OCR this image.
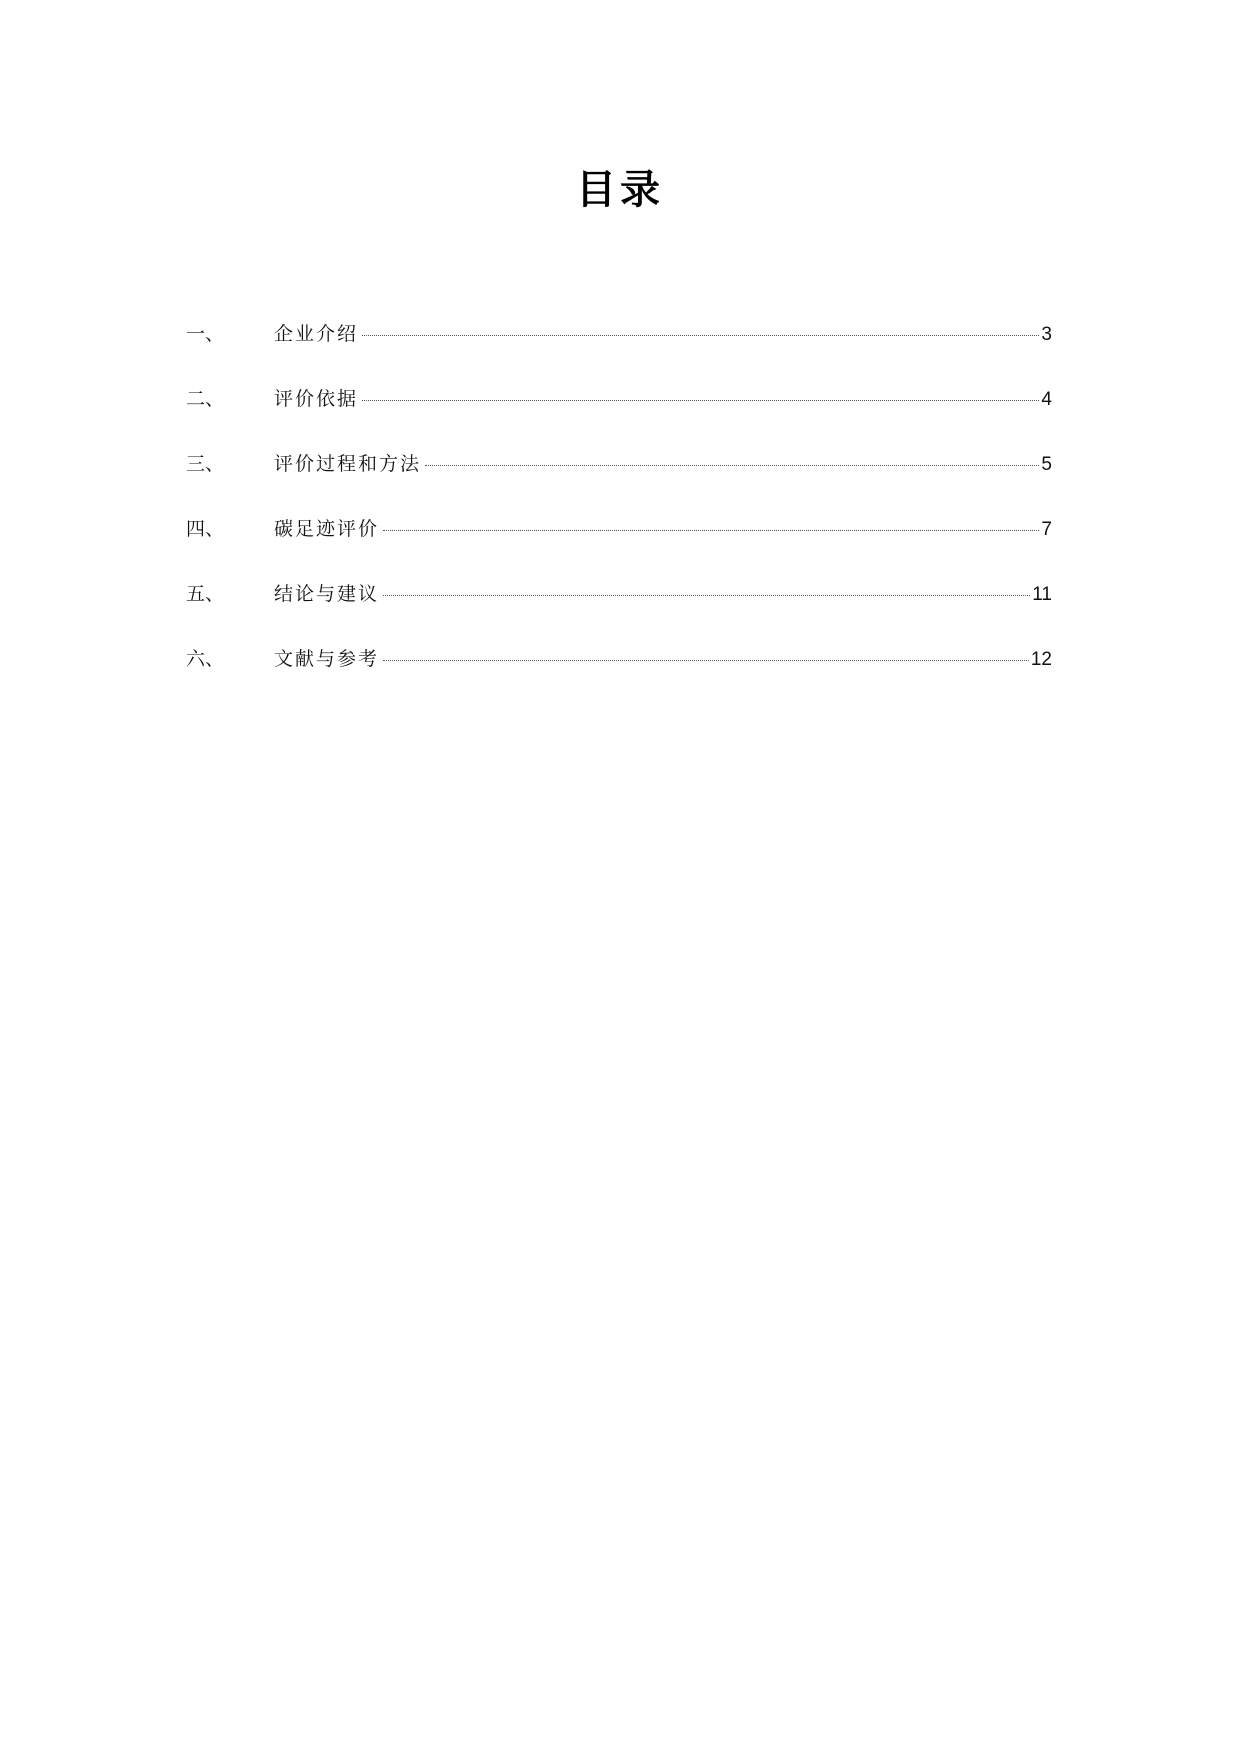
目录
一、	企业介绍	3
二、	评价依据	4
三、	评价过程和方法	5
四、	碳足迹评价	7
五、	结论与建议	11
六、	文献与参考	12
